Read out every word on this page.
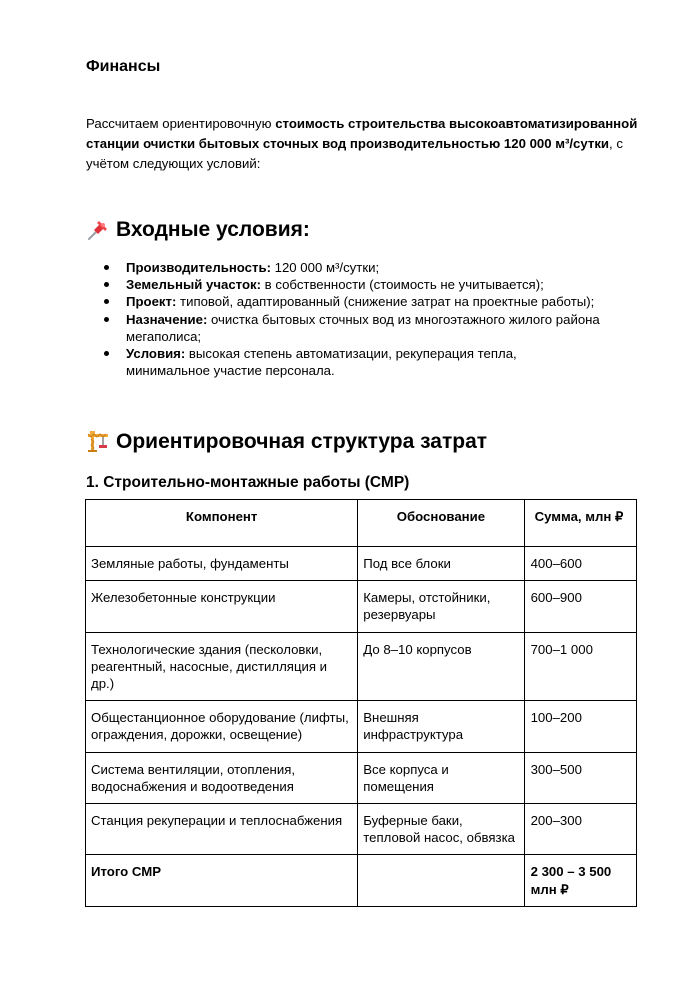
Финансы

Рассчитаем ориентировочную стоимость строительства высокоавтоматизированной станции очистки бытовых сточных вод производительностью 120 000 м³/сутки, с учётом следующих условий:

Входные условия:
Производительность: 120 000 м³/сутки;
Земельный участок: в собственности (стоимость не учитывается);
Проект: типовой, адаптированный (снижение затрат на проектные работы);
Назначение: очистка бытовых сточных вод из многоэтажного жилого района мегаполиса;
Условия: высокая степень автоматизации, рекуперация тепла, минимальное участие персонала.
Ориентировочная структура затрат
1. Строительно-монтажные работы (СМР)
Компонент	Обоснование	Сумма, млн ₽
Земляные работы, фундаменты	Под все блоки	400–600
Железобетонные конструкции	Камеры, отстойники, резервуары	600–900
Технологические здания (песколовки, реагентный, насосные, дистилляция и др.)	До 8–10 корпусов	700–1 000
Общестанционное оборудование (лифты, ограждения, дорожки, освещение)	Внешняя инфраструктура	100–200
Система вентиляции, отопления, водоснабжения и водоотведения	Все корпуса и помещения	300–500
Станция рекуперации и теплоснабжения	Буферные баки, тепловой насос, обвязка	200–300
Итого СМР		2 300 – 3 500 млн ₽
